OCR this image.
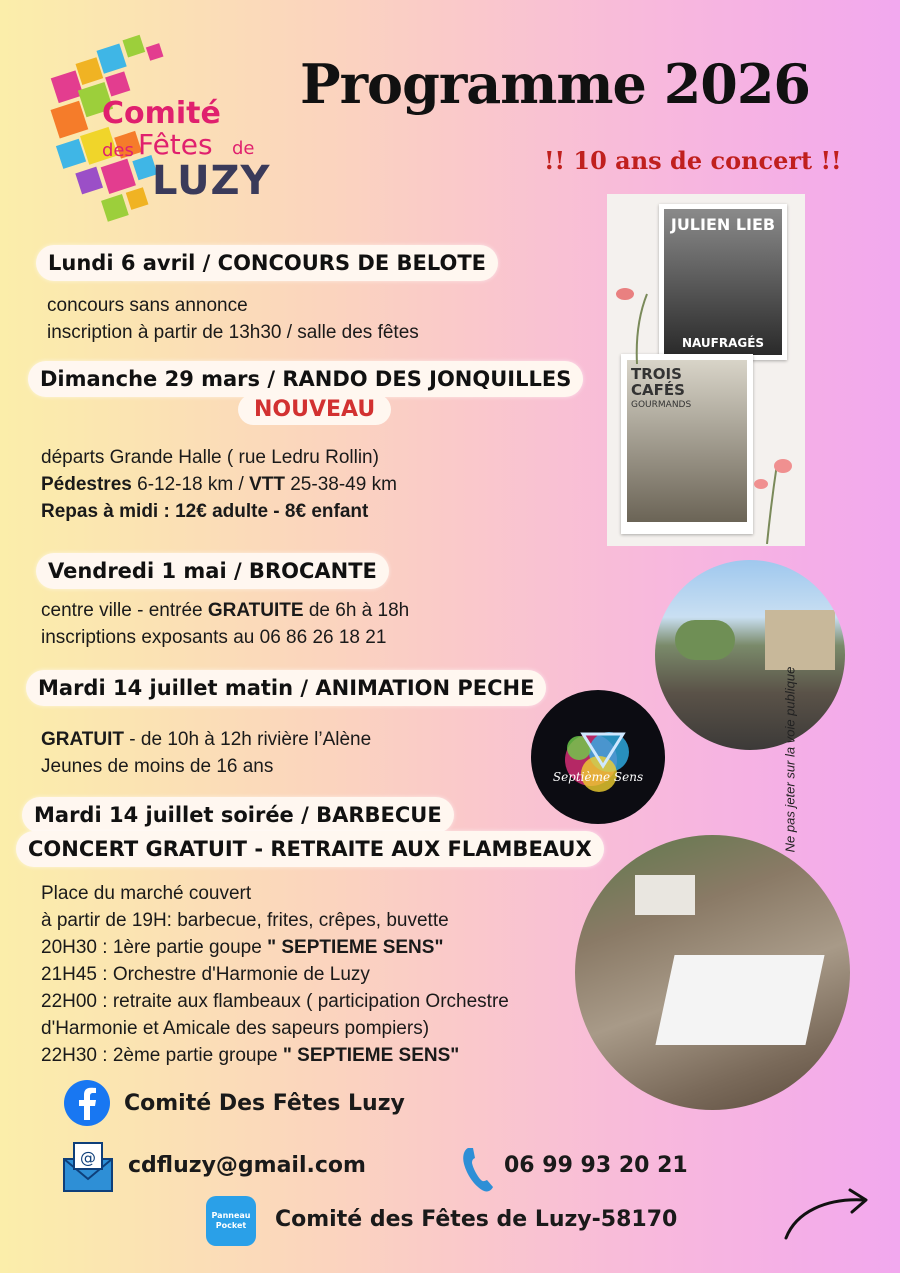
Comité
des Fêtes de
LUZY
Programme 2026
!! 10 ans de concert !!
JULIEN LIEB
NAUFRAGÉS
TROIS CAFÉS
GOURMANDS
Lundi 6 avril / CONCOURS DE BELOTE
concours sans annonce
inscription à partir de 13h30 / salle des fêtes
Dimanche 29 mars / RANDO DES JONQUILLES
NOUVEAU
départs Grande Halle ( rue Ledru Rollin)
Pédestres 6-12-18 km / VTT 25-38-49 km
Repas à midi : 12€ adulte - 8€ enfant
Vendredi 1 mai / BROCANTE
centre ville - entrée GRATUITE de 6h à 18h
inscriptions exposants au 06 86 26 18 21
Mardi 14 juillet matin / ANIMATION PECHE
GRATUIT - de 10h à 12h rivière l’Alène
Jeunes de moins de 16 ans	Septième Sens	Ne pas jeter sur la voie publique
Mardi 14 juillet soirée / BARBECUE
CONCERT GRATUIT - RETRAITE AUX FLAMBEAUX
Place du marché couvert
à partir de 19H: barbecue, frites, crêpes, buvette
20H30 : 1ère partie goupe " SEPTIEME SENS"
21H45 : Orchestre d'Harmonie de Luzy
22H00 : retraite aux flambeaux ( participation Orchestre
d'Harmonie et Amicale des sapeurs pompiers)
22H30 : 2ème partie groupe " SEPTIEME SENS"
Comité Des Fêtes Luzy
@ cdfluzy@gmail.com	06 99 93 20 21
Panneau
Pocket	Comité des Fêtes de Luzy-58170
